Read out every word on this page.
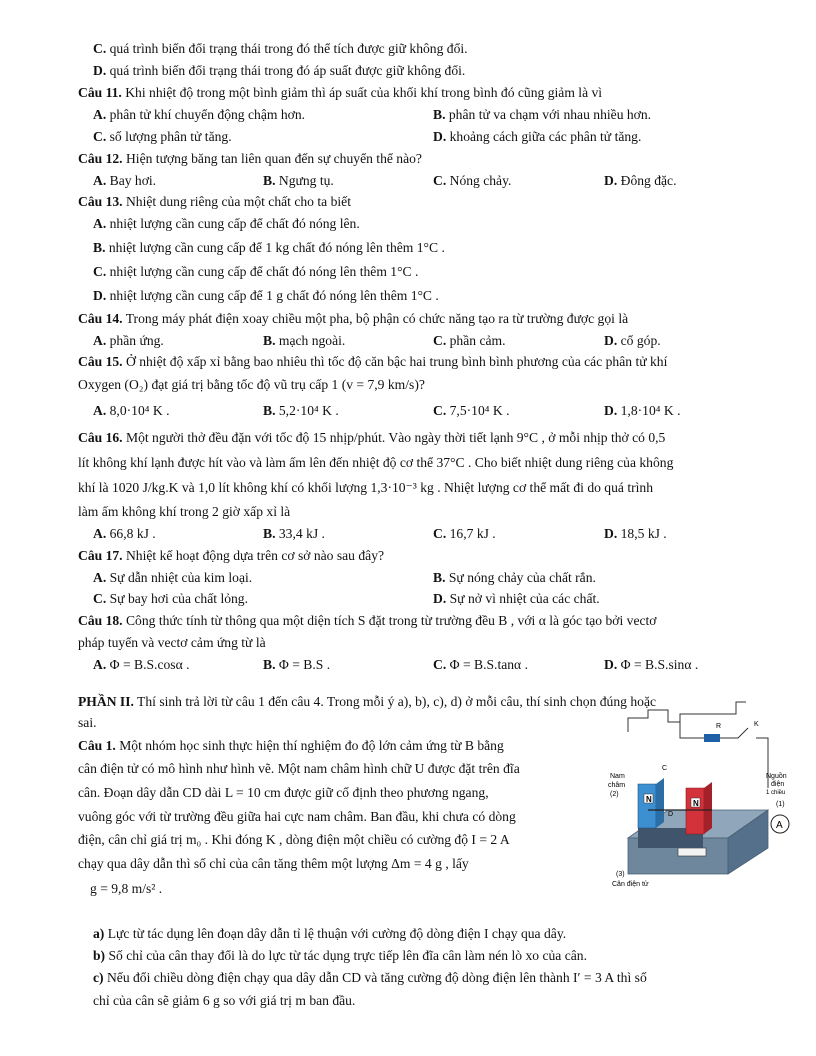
C. quá trình biến đổi trạng thái trong đó thể tích được giữ không đổi.
D. quá trình biến đổi trạng thái trong đó áp suất được giữ không đổi.
Câu 11. Khi nhiệt độ trong một bình giảm thì áp suất của khối khí trong bình đó cũng giảm là vì
A. phân tử khí chuyển động chậm hơn.	B. phân tử va chạm với nhau nhiều hơn.
C. số lượng phân tử tăng.	D. khoảng cách giữa các phân tử tăng.
Câu 12. Hiện tượng băng tan liên quan đến sự chuyển thể nào?
A. Bay hơi.	B. Ngưng tụ.	C. Nóng chảy.	D. Đông đặc.
Câu 13. Nhiệt dung riêng của một chất cho ta biết
A. nhiệt lượng cần cung cấp để chất đó nóng lên.
B. nhiệt lượng cần cung cấp để 1 kg chất đó nóng lên thêm 1°C .
C. nhiệt lượng cần cung cấp để chất đó nóng lên thêm 1°C .
D. nhiệt lượng cần cung cấp để 1 g chất đó nóng lên thêm 1°C .
Câu 14. Trong máy phát điện xoay chiều một pha, bộ phận có chức năng tạo ra từ trường được gọi là
A. phần ứng.	B. mạch ngoài.	C. phần cảm.	D. cổ góp.
Câu 15. Ở nhiệt độ xấp xỉ bằng bao nhiêu thì tốc độ căn bậc hai trung bình bình phương của các phân tử khí
Oxygen (O₂) đạt giá trị bằng tốc độ vũ trụ cấp 1 (v = 7,9 km/s)?
A. 8,0·10⁴ K .	B. 5,2·10⁴ K .	C. 7,5·10⁴ K .	D. 1,8·10⁴ K .
Câu 16. Một người thở đều đặn với tốc độ 15 nhịp/phút. Vào ngày thời tiết lạnh 9°C , ở mỗi nhịp thở có 0,5
lít không khí lạnh được hít vào và làm ấm lên đến nhiệt độ cơ thể 37°C . Cho biết nhiệt dung riêng của không
khí là 1020 J/kg.K và 1,0 lít không khí có khối lượng 1,3·10⁻³ kg . Nhiệt lượng cơ thể mất đi do quá trình
làm ấm không khí trong 2 giờ xấp xỉ là
A. 66,8 kJ .	B. 33,4 kJ .	C. 16,7 kJ .	D. 18,5 kJ .
Câu 17. Nhiệt kế hoạt động dựa trên cơ sở nào sau đây?
A. Sự dẫn nhiệt của kim loại.	B. Sự nóng chảy của chất rắn.
C. Sự bay hơi của chất lỏng.	D. Sự nở vì nhiệt của các chất.
Câu 18. Công thức tính từ thông qua một diện tích S đặt trong từ trường đều B , với α là góc tạo bởi vectơ
pháp tuyến và vectơ cảm ứng từ là
A. Φ = B.S.cosα .	B. Φ = B.S .	C. Φ = B.S.tanα .	D. Φ = B.S.sinα .
PHẦN II. Thí sinh trả lời từ câu 1 đến câu 4. Trong mỗi ý a), b), c), d) ở mỗi câu, thí sinh chọn đúng hoặc
sai.
Câu 1. Một nhóm học sinh thực hiện thí nghiệm đo độ lớn cảm ứng từ B bằng
cân điện tử có mô hình như hình vẽ. Một nam châm hình chữ U được đặt trên đĩa
cân. Đoạn dây dẫn CD dài L = 10 cm được giữ cố định theo phương ngang,
vuông góc với từ trường đều giữa hai cực nam châm. Ban đầu, khi chưa có dòng
điện, cân chỉ giá trị m₀ . Khi đóng K , dòng điện một chiều có cường độ I = 2 A
chạy qua dây dẫn thì số chỉ của cân tăng thêm một lượng Δm = 4 g , lấy
g = 9,8 m/s² .
a) Lực từ tác dụng lên đoạn dây dẫn tỉ lệ thuận với cường độ dòng điện I chạy qua dây.
b) Số chỉ của cân thay đổi là do lực từ tác dụng trực tiếp lên đĩa cân làm nén lò xo của cân.
c) Nếu đổi chiều dòng điện chạy qua dây dẫn CD và tăng cường độ dòng điện lên thành I′ = 3 A thì số
chỉ của cân sẽ giảm 6 g so với giá trị m ban đầu.
R	K
Nam
châm
(2)
C
Nguồn
điện
1 chiều
(1)
N	N
D
A
(3)
Cân điện tử
